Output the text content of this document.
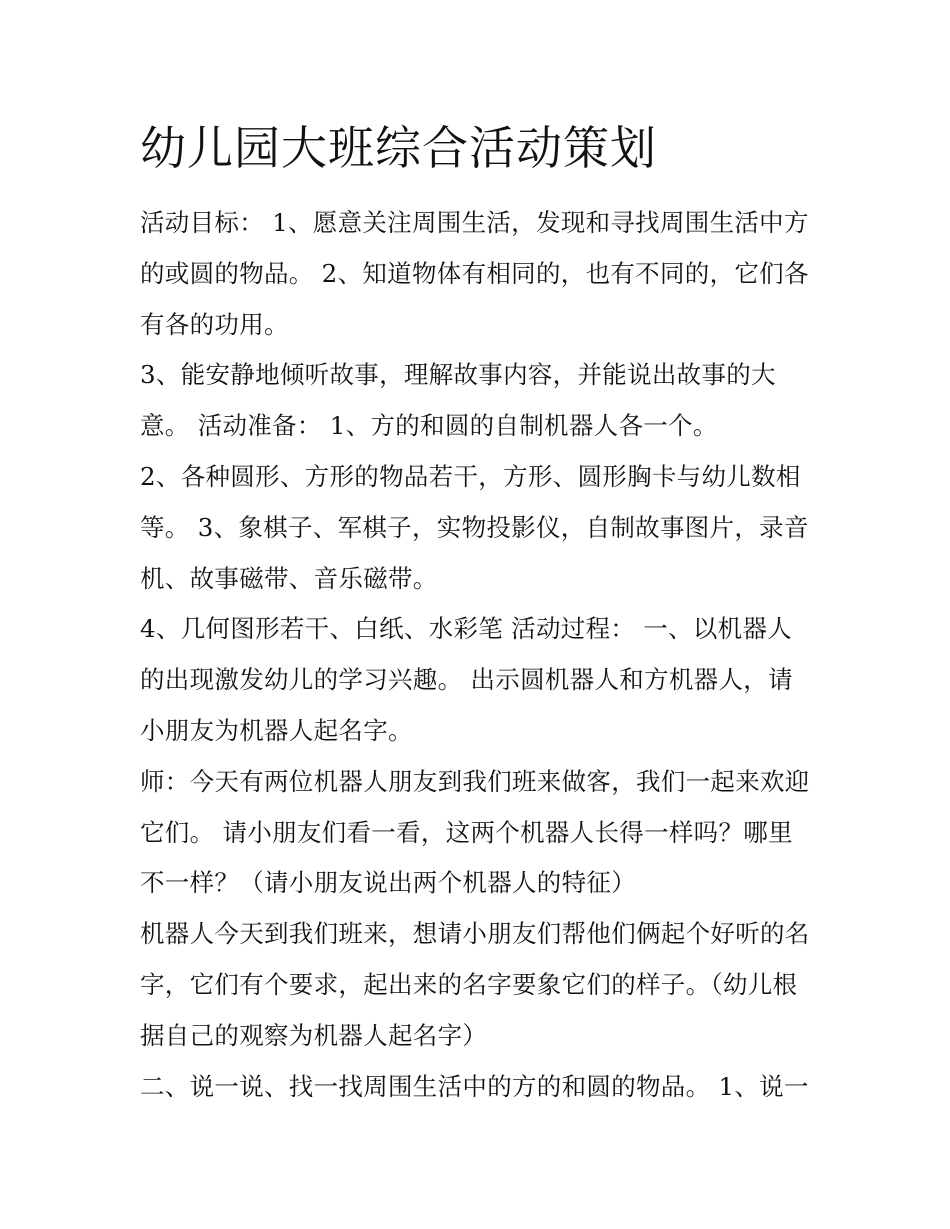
幼儿园大班综合活动策划
活动目标： 1、愿意关注周围生活，发现和寻找周围生活中方
的或圆的物品。 2、知道物体有相同的，也有不同的，它们各
有各的功用。
3、能安静地倾听故事，理解故事内容，并能说出故事的大
意。 活动准备： 1、方的和圆的自制机器人各一个。
2、各种圆形、方形的物品若干，方形、圆形胸卡与幼儿数相
等。 3、象棋子、军棋子，实物投影仪，自制故事图片，录音
机、故事磁带、音乐磁带。
4、几何图形若干、白纸、水彩笔 活动过程： 一、以机器人
的出现激发幼儿的学习兴趣。 出示圆机器人和方机器人，请
小朋友为机器人起名字。
师：今天有两位机器人朋友到我们班来做客，我们一起来欢迎
它们。 请小朋友们看一看，这两个机器人长得一样吗？哪里
不一样？（请小朋友说出两个机器人的特征）
机器人今天到我们班来，想请小朋友们帮他们俩起个好听的名
字，它们有个要求，起出来的名字要象它们的样子。（幼儿根
据自己的观察为机器人起名字）
二、说一说、找一找周围生活中的方的和圆的物品。 1、说一
